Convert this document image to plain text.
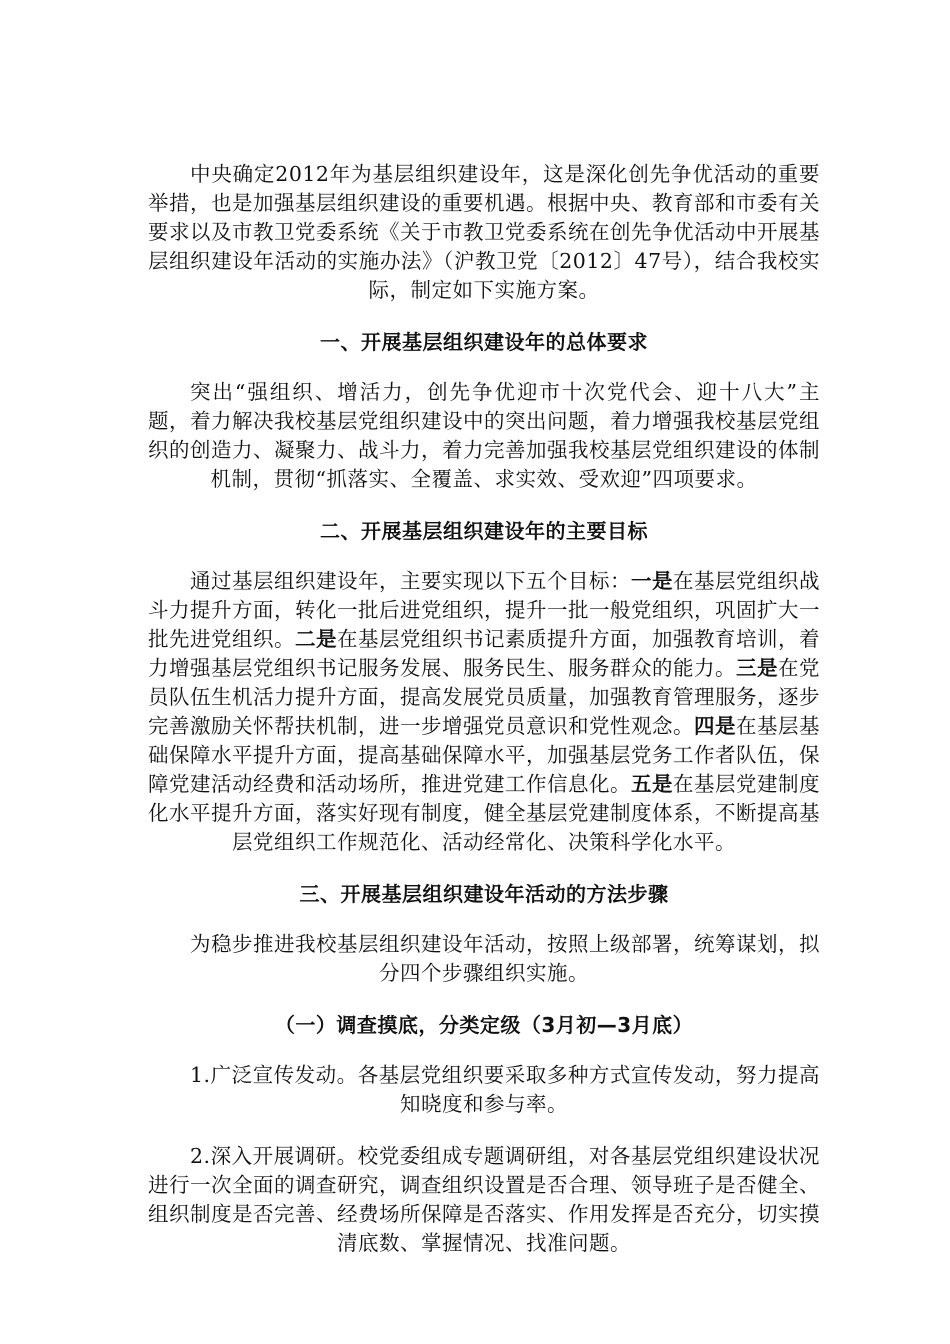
中央确定2012年为基层组织建设年，这是深化创先争优活动的重要举措，也是加强基层组织建设的重要机遇。根据中央、教育部和市委有关要求以及市教卫党委系统《关于市教卫党委系统在创先争优活动中开展基层组织建设年活动的实施办法》（沪教卫党〔2012〕47号），结合我校实际，制定如下实施方案。

一、开展基层组织建设年的总体要求

突出“强组织、增活力，创先争优迎市十次党代会、迎十八大”主题，着力解决我校基层党组织建设中的突出问题，着力增强我校基层党组织的创造力、凝聚力、战斗力，着力完善加强我校基层党组织建设的体制机制，贯彻“抓落实、全覆盖、求实效、受欢迎”四项要求。

二、开展基层组织建设年的主要目标

通过基层组织建设年，主要实现以下五个目标：一是在基层党组织战斗力提升方面，转化一批后进党组织，提升一批一般党组织，巩固扩大一批先进党组织。二是在基层党组织书记素质提升方面，加强教育培训，着力增强基层党组织书记服务发展、服务民生、服务群众的能力。三是在党员队伍生机活力提升方面，提高发展党员质量，加强教育管理服务，逐步完善激励关怀帮扶机制，进一步增强党员意识和党性观念。四是在基层基础保障水平提升方面，提高基础保障水平，加强基层党务工作者队伍，保障党建活动经费和活动场所，推进党建工作信息化。五是在基层党建制度化水平提升方面，落实好现有制度，健全基层党建制度体系，不断提高基层党组织工作规范化、活动经常化、决策科学化水平。

三、开展基层组织建设年活动的方法步骤

为稳步推进我校基层组织建设年活动，按照上级部署，统筹谋划，拟分四个步骤组织实施。

（一）调查摸底，分类定级（3月初—3月底）

1.广泛宣传发动。各基层党组织要采取多种方式宣传发动，努力提高知晓度和参与率。

2.深入开展调研。校党委组成专题调研组，对各基层党组织建设状况进行一次全面的调查研究，调查组织设置是否合理、领导班子是否健全、组织制度是否完善、经费场所保障是否落实、作用发挥是否充分，切实摸清底数、掌握情况、找准问题。
